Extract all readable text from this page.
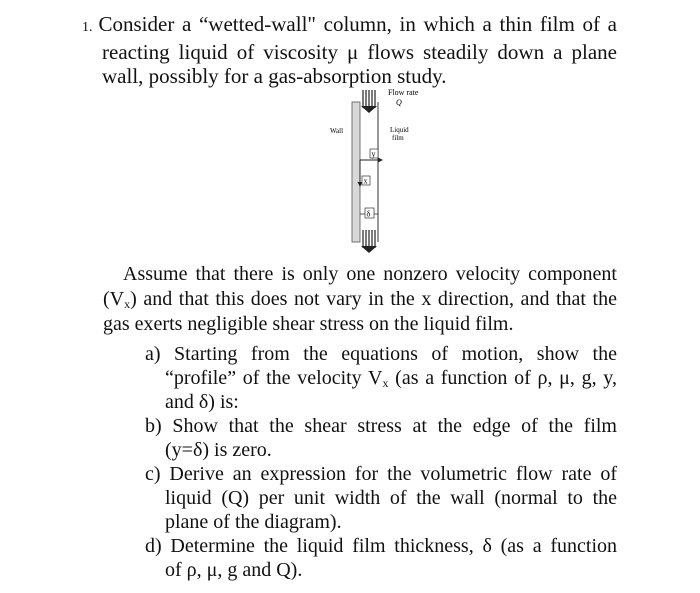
1. Consider a “wetted-wall" column, in which a thin film of a
reacting liquid of viscosity μ flows steadily down a plane
wall, possibly for a gas-absorption study.
y
x
δ
Flow rate
Q
Wall	Liquid
film
Assume that there is only one nonzero velocity component
$(V_x)$ and that this does not vary in the x direction, and that the
gas exerts negligible shear stress on the liquid film.
a) Starting from the equations of motion, show the
“profile” of the velocity $V_x$ (as a function of ρ, μ, g, y,
and δ) is:
b) Show that the shear stress at the edge of the film
(y=δ) is zero.
c) Derive an expression for the volumetric flow rate of
liquid (Q) per unit width of the wall (normal to the
plane of the diagram).
d) Determine the liquid film thickness, δ (as a function
of ρ, μ, g and Q).
